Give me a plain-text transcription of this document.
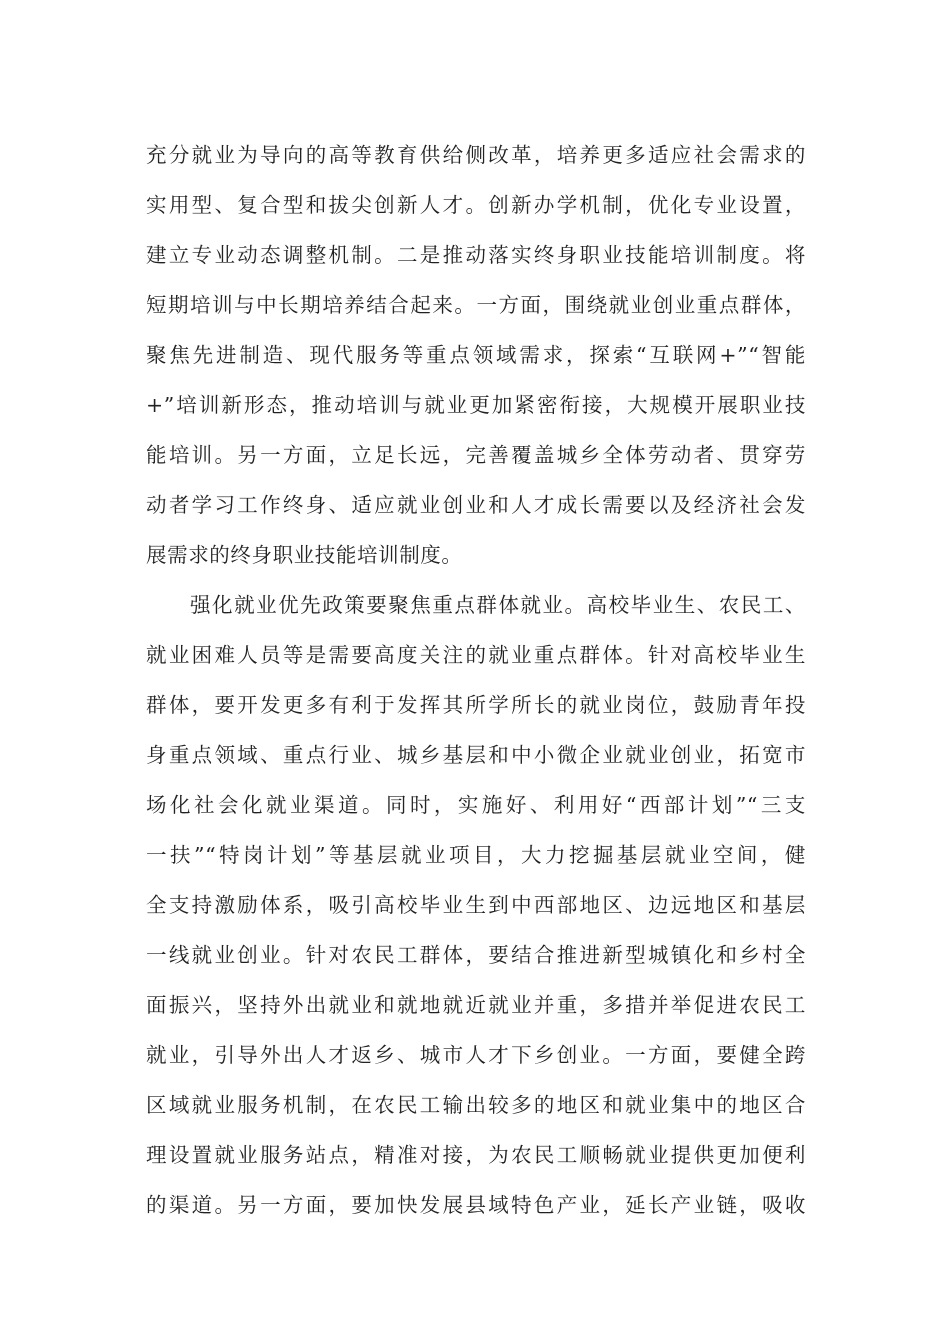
充分就业为导向的高等教育供给侧改革，培养更多适应社会需求的
实用型、复合型和拔尖创新人才。创新办学机制，优化专业设置，
建立专业动态调整机制。二是推动落实终身职业技能培训制度。将
短期培训与中长期培养结合起来。一方面，围绕就业创业重点群体，
聚焦先进制造、现代服务等重点领域需求，探索“互联网+”“智能
+”培训新形态，推动培训与就业更加紧密衔接，大规模开展职业技
能培训。另一方面，立足长远，完善覆盖城乡全体劳动者、贯穿劳
动者学习工作终身、适应就业创业和人才成长需要以及经济社会发
展需求的终身职业技能培训制度。
强化就业优先政策要聚焦重点群体就业。高校毕业生、农民工、
就业困难人员等是需要高度关注的就业重点群体。针对高校毕业生
群体，要开发更多有利于发挥其所学所长的就业岗位，鼓励青年投
身重点领域、重点行业、城乡基层和中小微企业就业创业，拓宽市
场化社会化就业渠道。同时，实施好、利用好“西部计划”“三支
一扶”“特岗计划”等基层就业项目，大力挖掘基层就业空间，健
全支持激励体系，吸引高校毕业生到中西部地区、边远地区和基层
一线就业创业。针对农民工群体，要结合推进新型城镇化和乡村全
面振兴，坚持外出就业和就地就近就业并重，多措并举促进农民工
就业，引导外出人才返乡、城市人才下乡创业。一方面，要健全跨
区域就业服务机制，在农民工输出较多的地区和就业集中的地区合
理设置就业服务站点，精准对接，为农民工顺畅就业提供更加便利
的渠道。另一方面，要加快发展县域特色产业，延长产业链，吸收
